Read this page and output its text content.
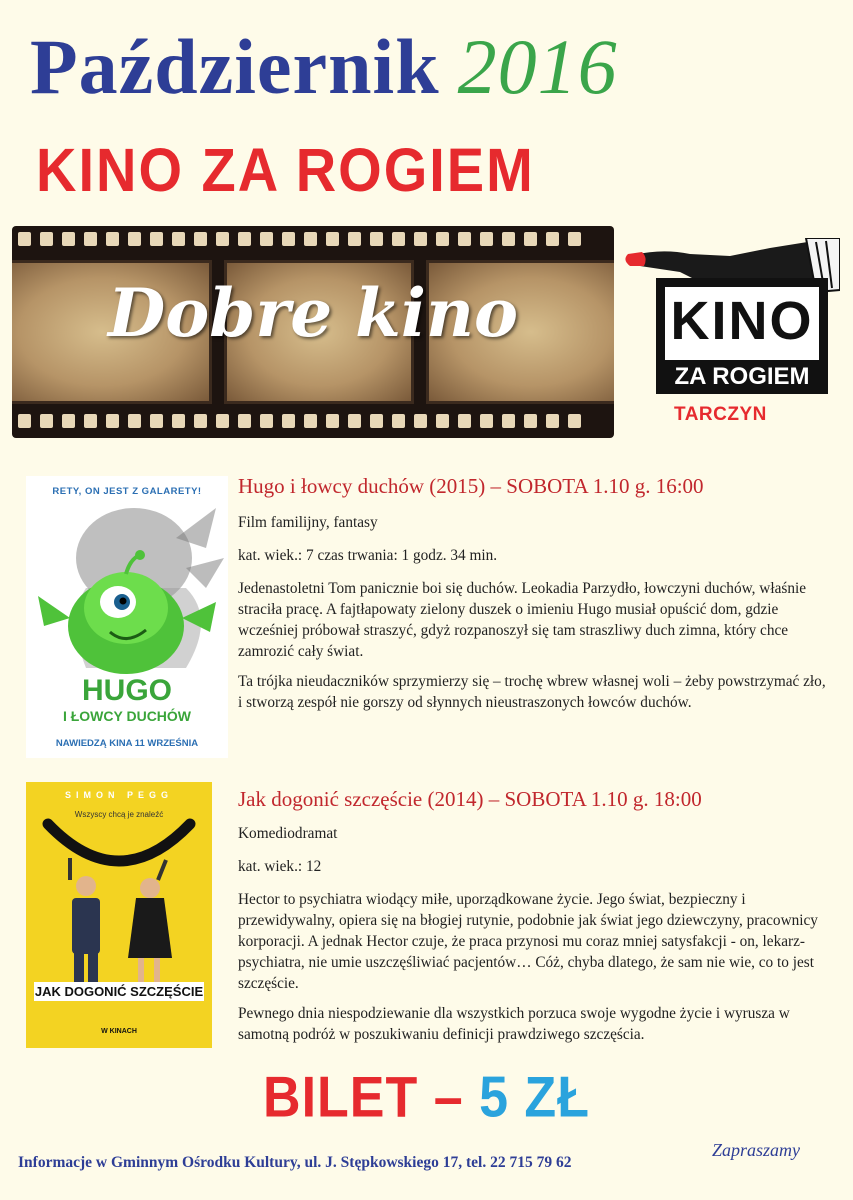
Październik 2016
KINO ZA ROGIEM
Dobre kino	KINO
ZA ROGIEM
TARCZYN
RETY, ON JEST Z GALARETY!
HUGO
I ŁOWCY DUCHÓW
NAWIEDZĄ KINA 11 WRZEŚNIA
Hugo i łowcy duchów (2015) – SOBOTA 1.10 g. 16:00

Film familijny, fantasy

kat. wiek.: 7 czas trwania: 1 godz. 34 min.

Jedenastoletni Tom panicznie boi się duchów. Leokadia Parzydło, łowczyni duchów, właśnie straciła pracę. A fajtłapowaty zielony duszek o imieniu Hugo musiał opuścić dom, gdzie wcześniej próbował straszyć, gdyż rozpanoszył się tam straszliwy duch zimna, który chce zamrozić cały świat.

Ta trójka nieudaczników sprzymierzy się – trochę wbrew własnej woli – żeby powstrzymać zło, i stworzą zespół nie gorszy od słynnych nieustraszonych łowców duchów.

SIMON PEGG
Wszyscy chcą je znaleźć
JAK DOGONIĆ SZCZĘŚCIE
W KINACH
Jak dogonić szczęście (2014) – SOBOTA 1.10 g. 18:00

Komediodramat

kat. wiek.: 12

Hector to psychiatra wiodący miłe, uporządkowane życie. Jego świat, bezpieczny i przewidywalny, opiera się na błogiej rutynie, podobnie jak świat jego dziewczyny, pracownicy korporacji. A jednak Hector czuje, że praca przynosi mu coraz mniej satysfakcji - on, lekarz-psychiatra, nie umie uszczęśliwiać pacjentów… Cóż, chyba dlatego, że sam nie wie, co to jest szczęście.

Pewnego dnia niespodziewanie dla wszystkich porzuca swoje wygodne życie i wyrusza w samotną podróż w poszukiwaniu definicji prawdziwego szczęścia.

BILET – 5 ZŁ
Zapraszamy
Informacje w Gminnym Ośrodku Kultury, ul. J. Stępkowskiego 17, tel. 22 715 79 62
